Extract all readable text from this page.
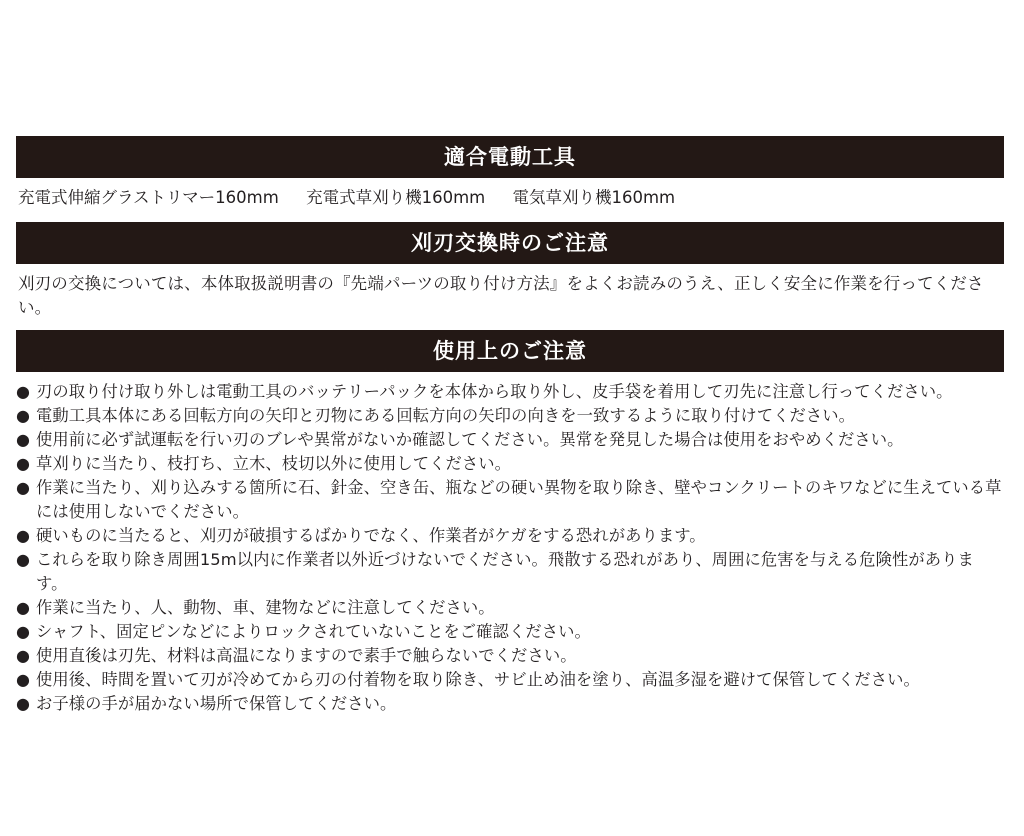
適合電動工具
充電式伸縮グラストリマー160mm 充電式草刈り機160mm 電気草刈り機160mm
刈刃交換時のご注意
刈刃の交換については、本体取扱説明書の『先端パーツの取り付け方法』をよくお読みのうえ、正しく安全に作業を行ってください。
使用上のご注意
● 刃の取り付け取り外しは電動工具のバッテリーパックを本体から取り外し、皮手袋を着用して刃先に注意し行ってください。
● 電動工具本体にある回転方向の矢印と刃物にある回転方向の矢印の向きを一致するように取り付けてください。
● 使用前に必ず試運転を行い刃のブレや異常がないか確認してください。異常を発見した場合は使用をおやめください。
● 草刈りに当たり、枝打ち、立木、枝切以外に使用してください。
● 作業に当たり、刈り込みする箇所に石、針金、空き缶、瓶などの硬い異物を取り除き、壁やコンクリートのキワなどに生えている草には使用しないでください。
● 硬いものに当たると、刈刃が破損するばかりでなく、作業者がケガをする恐れがあります。
● これらを取り除き周囲15m以内に作業者以外近づけないでください。飛散する恐れがあり、周囲に危害を与える危険性があります。
● 作業に当たり、人、動物、車、建物などに注意してください。
● シャフト、固定ピンなどによりロックされていないことをご確認ください。
● 使用直後は刃先、材料は高温になりますので素手で触らないでください。
● 使用後、時間を置いて刃が冷めてから刃の付着物を取り除き、サビ止め油を塗り、高温多湿を避けて保管してください。
● お子様の手が届かない場所で保管してください。
